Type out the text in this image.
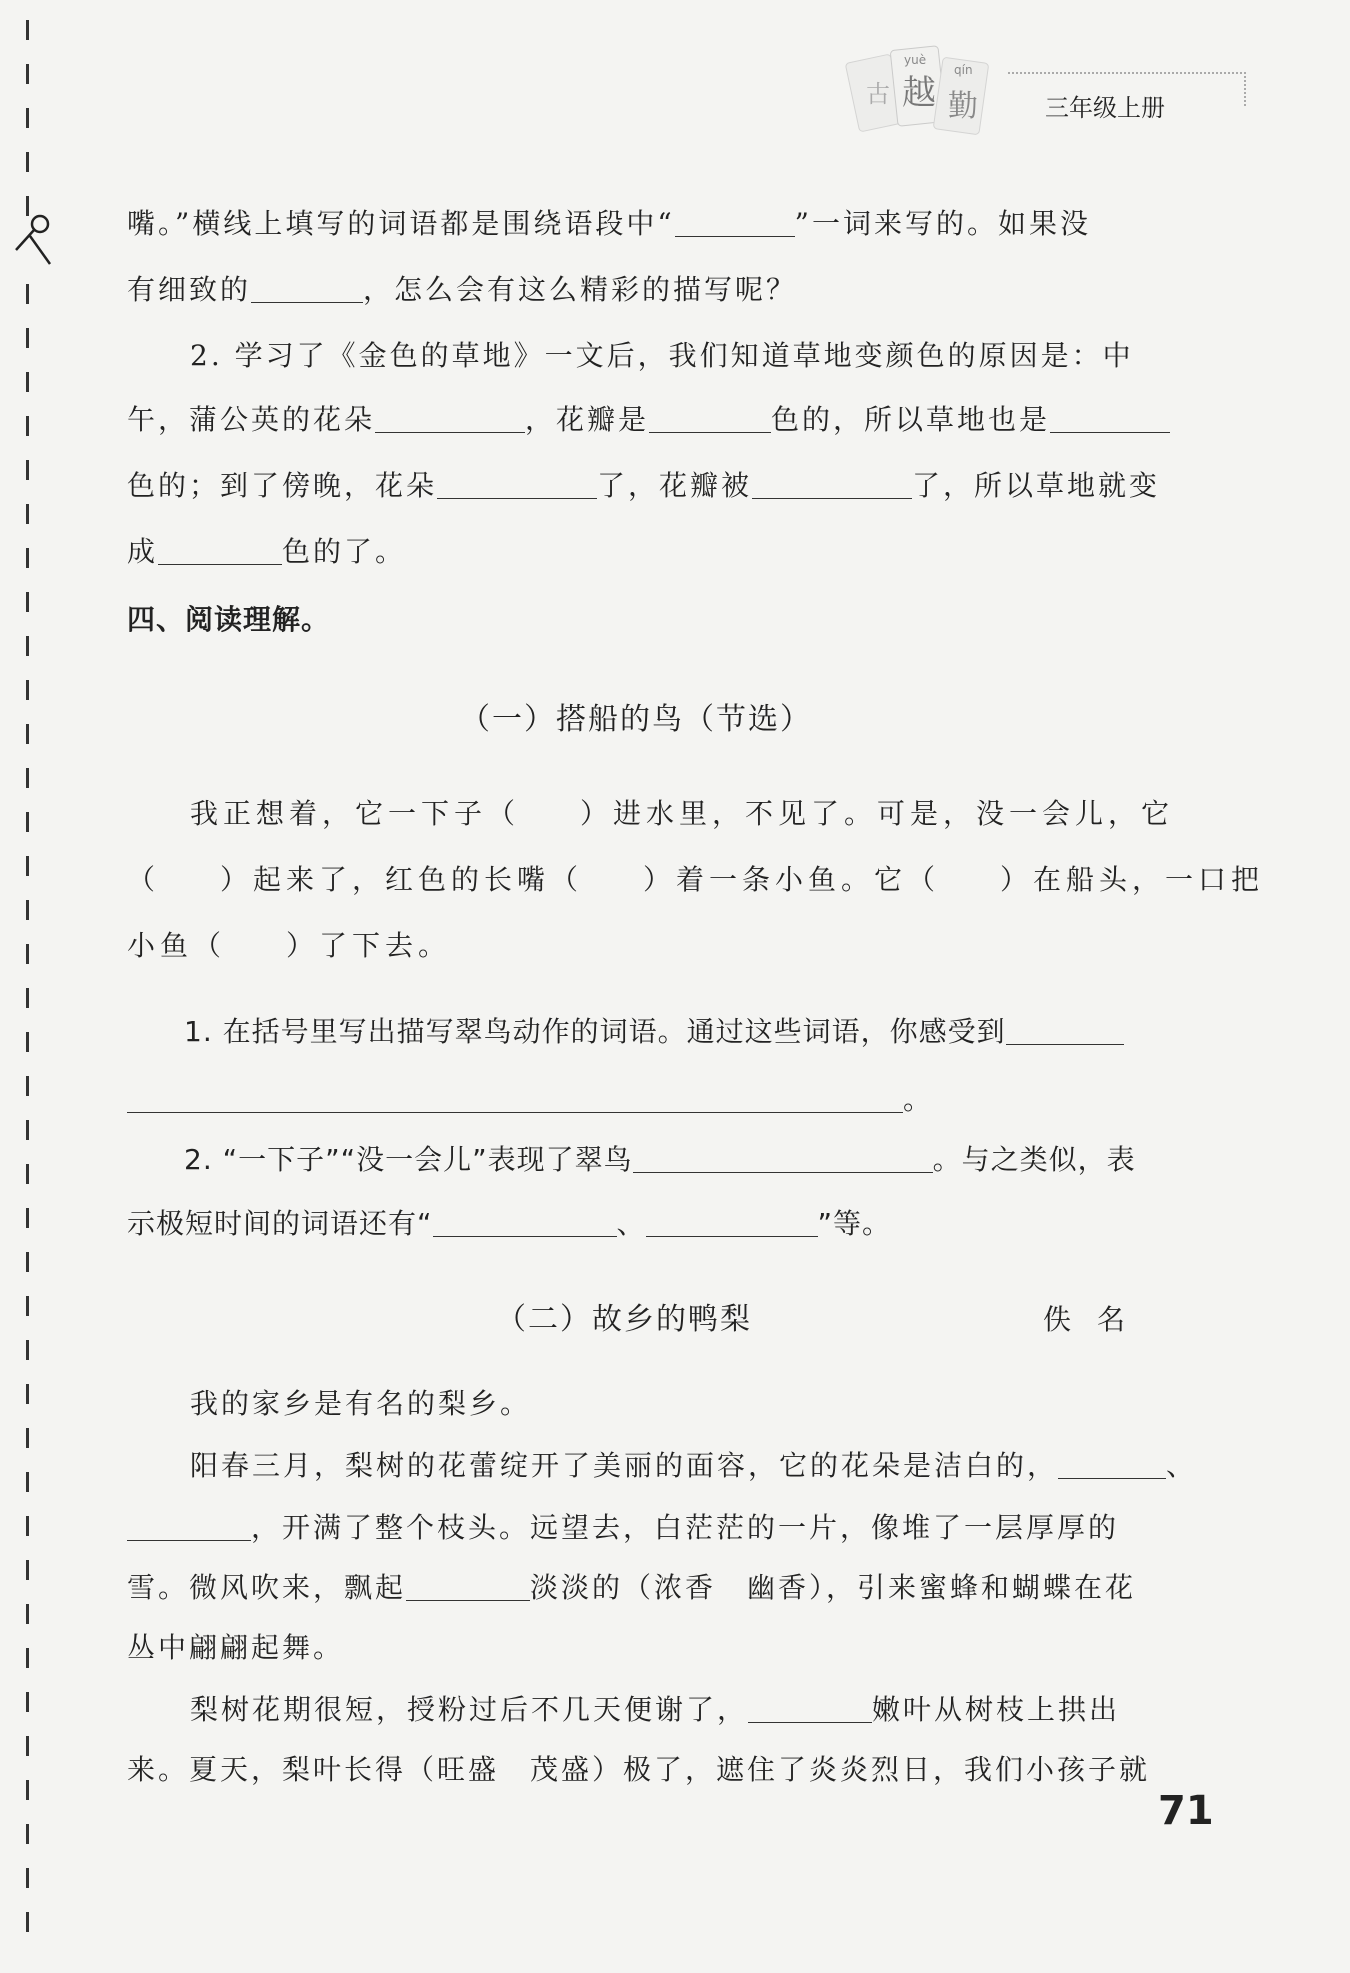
古
yuè
越
qín
勤	三年级上册
嘴。”横线上填写的词语都是围绕语段中“	”一词来写的。如果没
有细致的	，怎么会有这么精彩的描写呢？
2. 学习了《金色的草地》一文后，我们知道草地变颜色的原因是：中
午，蒲公英的花朵	，花瓣是	色的，所以草地也是
色的；到了傍晚，花朵	了，花瓣被	了，所以草地就变
成	色的了。
四、阅读理解。
（一）搭船的鸟（节选）
我正想着，它一下子（ ）进水里，不见了。可是，没一会儿，它
（ ）起来了，红色的长嘴（ ）着一条小鱼。它（ ）在船头，一口把
小鱼（ ）了下去。
1. 在括号里写出描写翠鸟动作的词语。通过这些词语，你感受到
。
2. “一下子”“没一会儿”表现了翠鸟	。与之类似，表
示极短时间的词语还有“	、	”等。
（二）故乡的鸭梨	佚名
我的家乡是有名的梨乡。
阳春三月，梨树的花蕾绽开了美丽的面容，它的花朵是洁白的，	、
，开满了整个枝头。远望去，白茫茫的一片，像堆了一层厚厚的
雪。微风吹来，飘起	淡淡的（浓香　幽香），引来蜜蜂和蝴蝶在花
丛中翩翩起舞。
梨树花期很短，授粉过后不几天便谢了，	嫩叶从树枝上拱出
来。夏天，梨叶长得（旺盛　茂盛）极了，遮住了炎炎烈日，我们小孩子就
71
